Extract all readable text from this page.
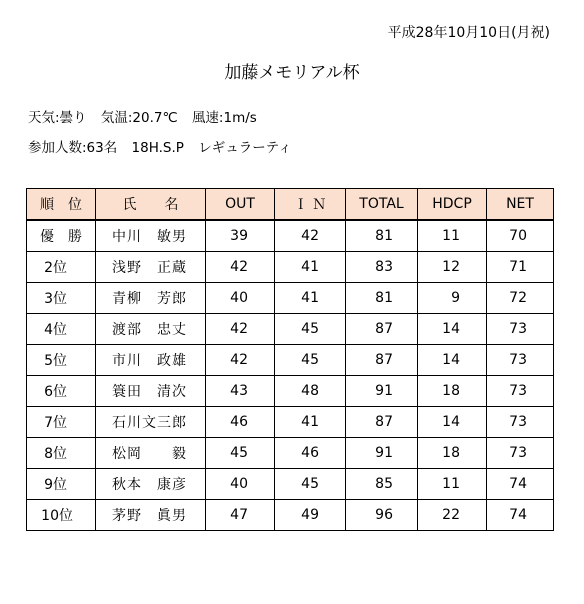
平成28年10月10日(月祝)
加藤メモリアル杯
天気:曇り 気温:20.7℃ 風速:1m/s
参加人数:63名 18H.S.P レギュラーティ
順　位	氏　　名	OUT	Ｉ Ｎ	TOTAL	HDCP	NET
優　勝	中川　敏男	39	42	81	11	70
2位	浅野　正蔵	42	41	83	12	71
3位	青柳　芳郎	40	41	81	9	72
4位	渡部　忠丈	42	45	87	14	73
5位	市川　政雄	42	45	87	14	73
6位	簑田　清次	43	48	91	18	73
7位	石川文三郎	46	41	87	14	73
8位	松岡　　毅	45	46	91	18	73
9位	秋本　康彦	40	45	85	11	74
10位	茅野　眞男	47	49	96	22	74
